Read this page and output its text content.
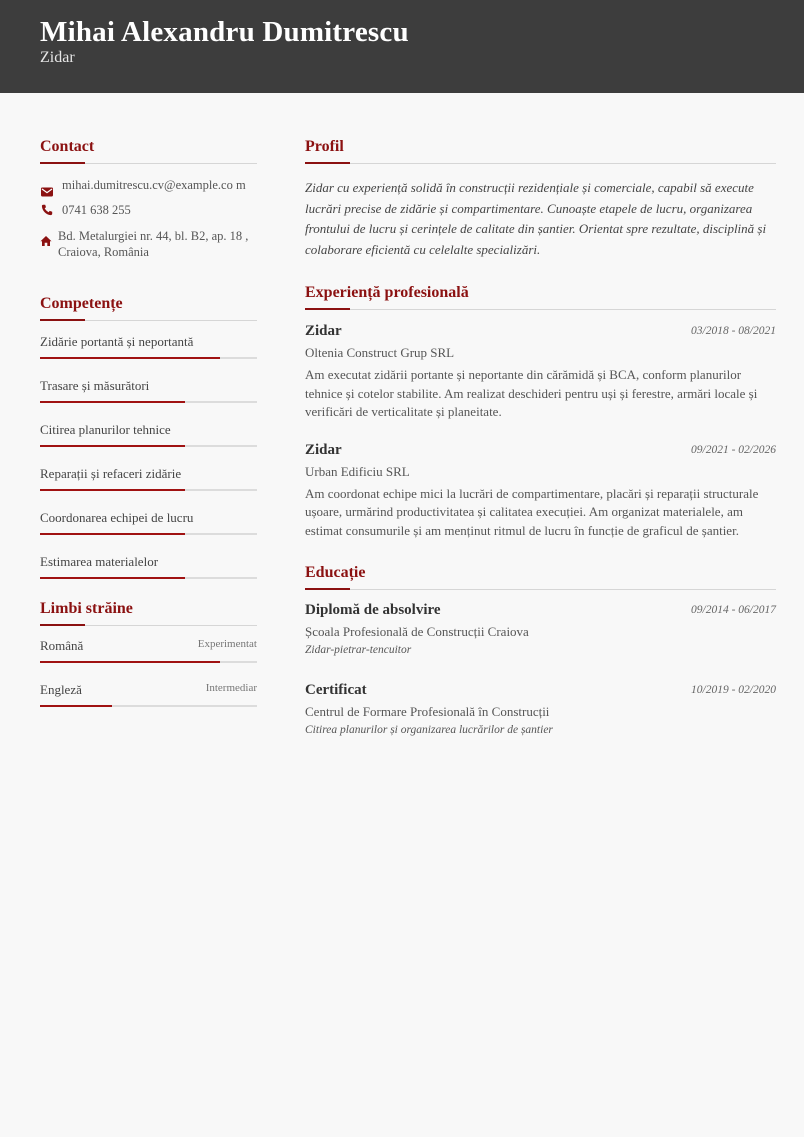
Mihai Alexandru Dumitrescu
Zidar
Contact
mihai.dumitrescu.cv@example.co m
0741 638 255
Bd. Metalurgiei nr. 44, bl. B2, ap. 18 , Craiova, România
Competențe
Zidărie portantă și neportantă
Trasare și măsurători
Citirea planurilor tehnice
Reparații și refaceri zidărie
Coordonarea echipei de lucru
Estimarea materialelor
Limbi străine
Română	Experimentat
Engleză	Intermediar
Profil
Zidar cu experiență solidă în construcții rezidențiale și comerciale, capabil să execute lucrări precise de zidărie și compartimentare. Cunoaște etapele de lucru, organizarea frontului de lucru și cerințele de calitate din șantier. Orientat spre rezultate, disciplină și colaborare eficientă cu celelalte specializări.
Experiență profesională
Zidar	03/2018 - 08/2021
Oltenia Construct Grup SRL
Am executat zidării portante și neportante din cărămidă și BCA, conform planurilor tehnice și cotelor stabilite. Am realizat deschideri pentru uși și ferestre, armări locale și verificări de verticalitate și planeitate.
Zidar	09/2021 - 02/2026
Urban Edificiu SRL
Am coordonat echipe mici la lucrări de compartimentare, placări și reparații structurale ușoare, urmărind productivitatea și calitatea execuției. Am organizat materialele, am estimat consumurile și am menținut ritmul de lucru în funcție de graficul de șantier.
Educație
Diplomă de absolvire	09/2014 - 06/2017
Școala Profesională de Construcții Craiova
Zidar-pietrar-tencuitor
Certificat	10/2019 - 02/2020
Centrul de Formare Profesională în Construcții
Citirea planurilor și organizarea lucrărilor de șantier
